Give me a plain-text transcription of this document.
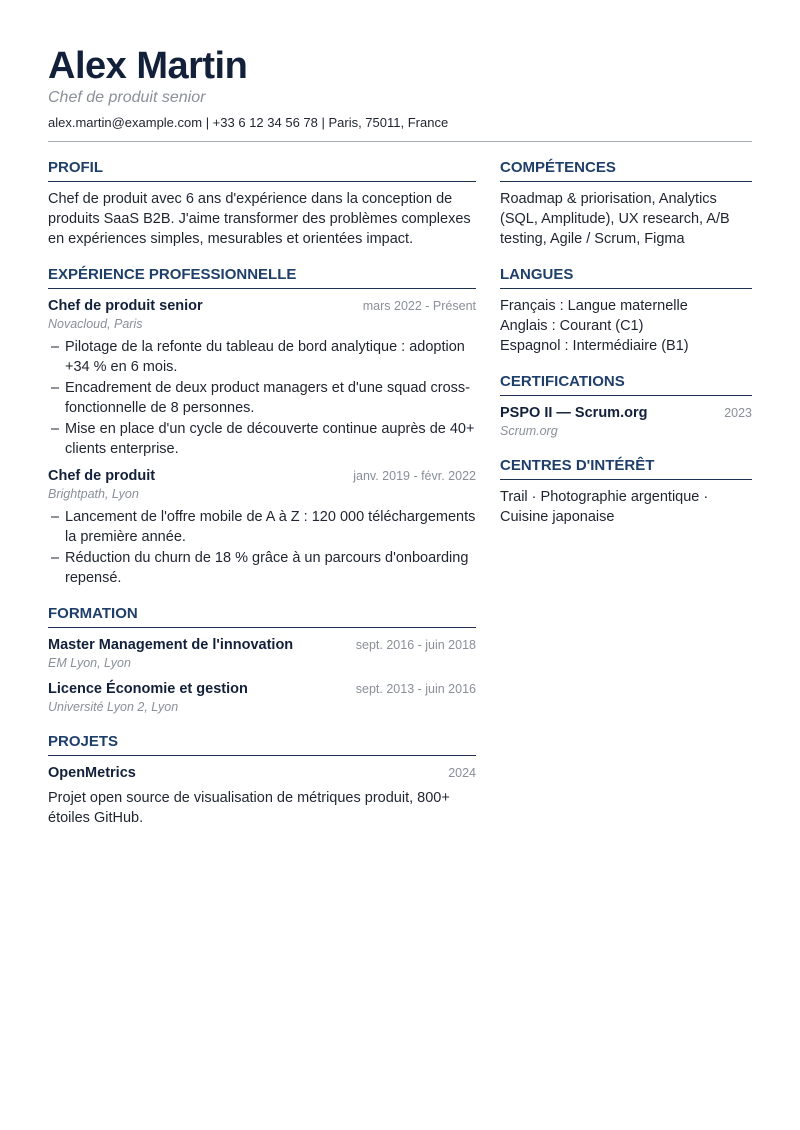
Alex Martin
Chef de produit senior
alex.martin@example.com | +33 6 12 34 56 78 | Paris, 75011, France
PROFIL
Chef de produit avec 6 ans d'expérience dans la conception de produits SaaS B2B. J'aime transformer des problèmes complexes en expériences simples, mesurables et orientées impact.
EXPÉRIENCE PROFESSIONNELLE
Chef de produit senior	mars 2022 - Présent
Novacloud, Paris
– Pilotage de la refonte du tableau de bord analytique : adoption +34 % en 6 mois.
– Encadrement de deux product managers et d'une squad cross-fonctionnelle de 8 personnes.
– Mise en place d'un cycle de découverte continue auprès de 40+ clients enterprise.
Chef de produit	janv. 2019 - févr. 2022
Brightpath, Lyon
– Lancement de l'offre mobile de A à Z : 120 000 téléchargements la première année.
– Réduction du churn de 18 % grâce à un parcours d'onboarding repensé.
FORMATION
Master Management de l'innovation	sept. 2016 - juin 2018
EM Lyon, Lyon
Licence Économie et gestion	sept. 2013 - juin 2016
Université Lyon 2, Lyon
PROJETS
OpenMetrics	2024
Projet open source de visualisation de métriques produit, 800+ étoiles GitHub.
COMPÉTENCES
Roadmap & priorisation, Analytics (SQL, Amplitude), UX research, A/B testing, Agile / Scrum, Figma
LANGUES
Français : Langue maternelle
Anglais : Courant (C1)
Espagnol : Intermédiaire (B1)
CERTIFICATIONS
PSPO II — Scrum.org	2023
Scrum.org
CENTRES D'INTÉRÊT
Trail · Photographie argentique · Cuisine japonaise
